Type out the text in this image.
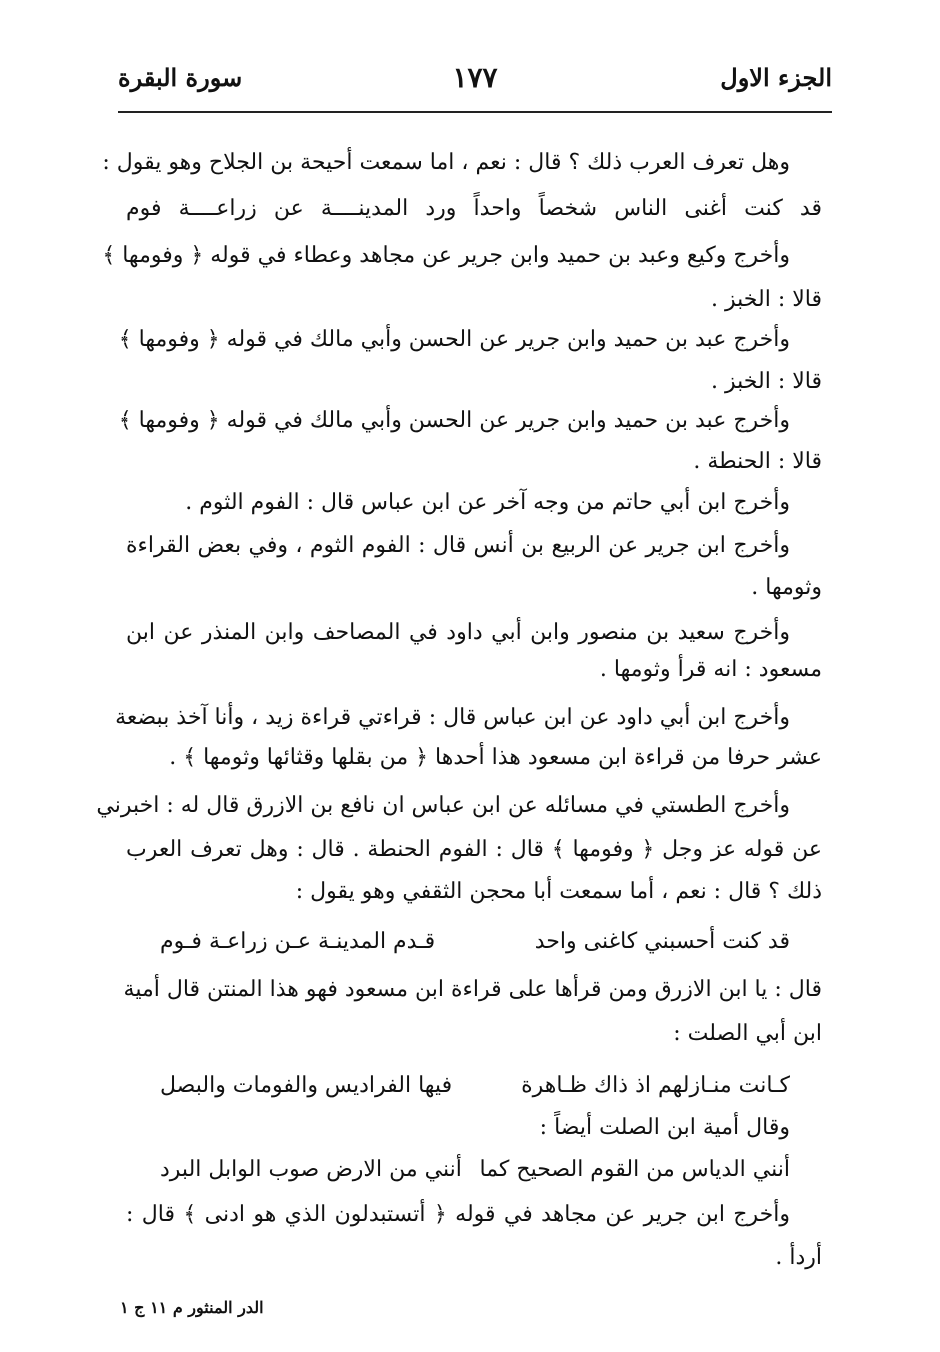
الجزء الاول
١٧٧
سورة البقرة
وهل تعرف العرب ذلك ؟ قال : نعم ، اما سمعت أحيحة بن الجلاح وهو يقول :
قد كنت أغنى الناس شخصاً واحداً ورد المدينــــة عن زراعــــة فوم
وأخرج وكيع وعبد بن حميد وابن جرير عن مجاهد وعطاء في قوله ﴿ وفومها ﴾
قالا : الخبز .
وأخرج عبد بن حميد وابن جرير عن الحسن وأبي مالك في قوله ﴿ وفومها ﴾
قالا : الخبز .
وأخرج عبد بن حميد وابن جرير عن الحسن وأبي مالك في قوله ﴿ وفومها ﴾
قالا : الحنطة .
وأخرج ابن أبي حاتم من وجه آخر عن ابن عباس قال : الفوم الثوم .
وأخرج ابن جرير عن الربيع بن أنس قال : الفوم الثوم ، وفي بعض القراءة
وثومها .
وأخرج سعيد بن منصور وابن أبي داود في المصاحف وابن المنذر عن ابن
مسعود : انه قرأ وثومها .
وأخرج ابن أبي داود عن ابن عباس قال : قراءتي قراءة زيد ، وأنا آخذ ببضعة
عشر حرفا من قراءة ابن مسعود هذا أحدها ﴿ من بقلها وقثائها وثومها ﴾ .
وأخرج الطستي في مسائله عن ابن عباس ان نافع بن الازرق قال له : اخبرني
عن قوله عز وجل ﴿ وفومها ﴾ قال : الفوم الحنطة . قال : وهل تعرف العرب
ذلك ؟ قال : نعم ، أما سمعت أبا محجن الثقفي وهو يقول :
قد كنت أحسبني كاغنى واحد
قـدم المدينـة عـن زراعـة فـوم
قال : يا ابن الازرق ومن قرأها على قراءة ابن مسعود فهو هذا المنتن قال أمية
ابن أبي الصلت :
كـانت منـازلهم اذ ذاك ظـاهرة
فيها الفراديس والفومات والبصل
وقال أمية ابن الصلت أيضاً :
أنني الدياس من القوم الصحيح كما
أنني من الارض صوب الوابل البرد
وأخرج ابن جرير عن مجاهد في قوله ﴿ أتستبدلون الذي هو ادنى ﴾ قال :
أردأ .
الدر المنثور م ١١ ج ١
